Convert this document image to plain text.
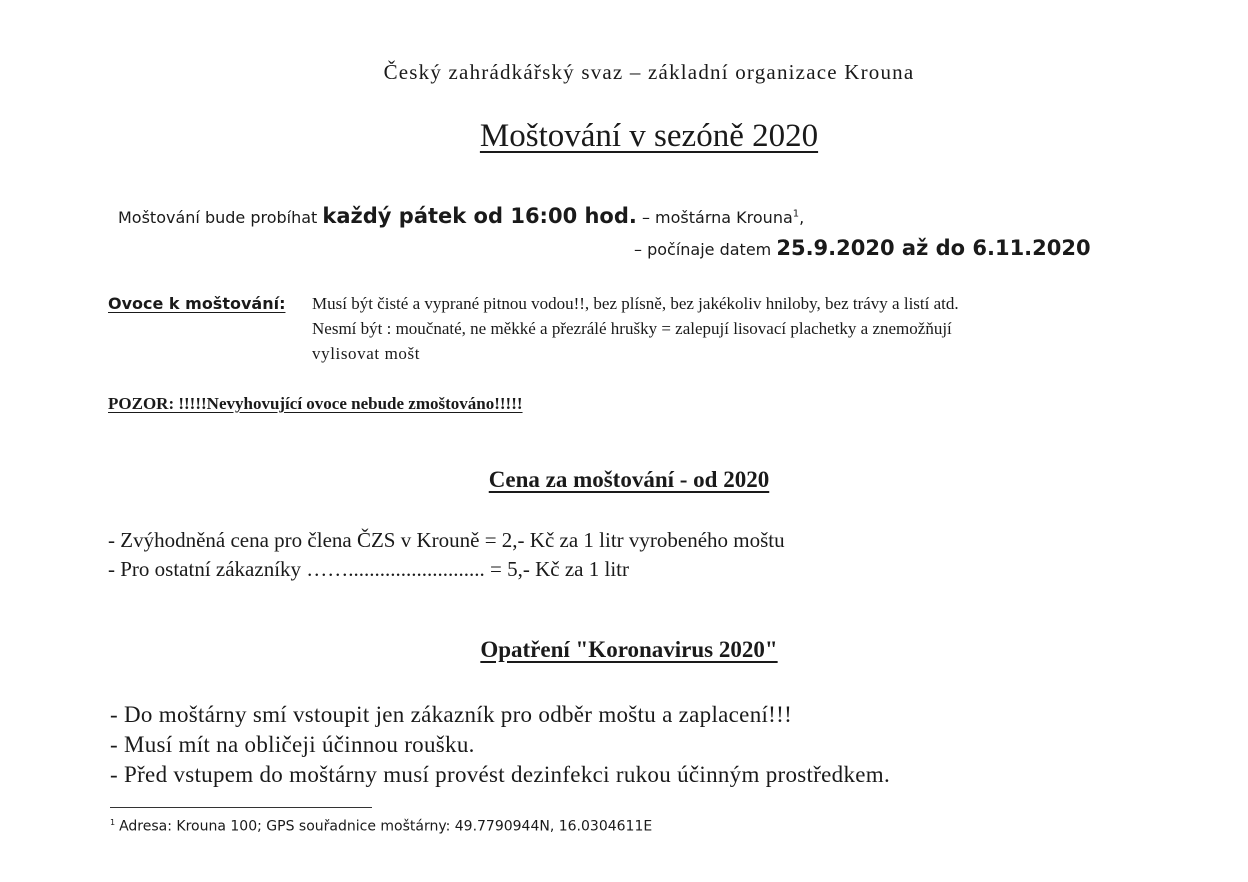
Český zahrádkářský svaz – základní organizace Krouna
Moštování v sezóně 2020
Moštování bude probíhat každý pátek od 16:00 hod. – moštárna Krouna$^1$,
– počínaje datem 25.9.2020 až do 6.11.2020
Ovoce k moštování: Musí být čisté a vyprané pitnou vodou!!, bez plísně, bez jakékoliv hniloby, bez trávy a listí atd.
Nesmí být : moučnaté, ne měkké a přezrálé hrušky = zalepují lisovací plachetky a znemožňují
vylisovat mošt
POZOR: !!!!!Nevyhovující ovoce nebude zmoštováno!!!!!
Cena za moštování - od 2020
- Zvýhodněná cena pro člena ČZS v Krouně = 2,- Kč za 1 litr vyrobeného moštu
- Pro ostatní zákazníky …….......................... = 5,- Kč za 1 litr
Opatření "Koronavirus 2020"
- Do moštárny smí vstoupit jen zákazník pro odběr moštu a zaplacení!!!
- Musí mít na obličeji účinnou roušku.
- Před vstupem do moštárny musí provést dezinfekci rukou účinným prostředkem.
$^1$ Adresa: Krouna 100; GPS souřadnice moštárny: 49.7790944N, 16.0304611E
